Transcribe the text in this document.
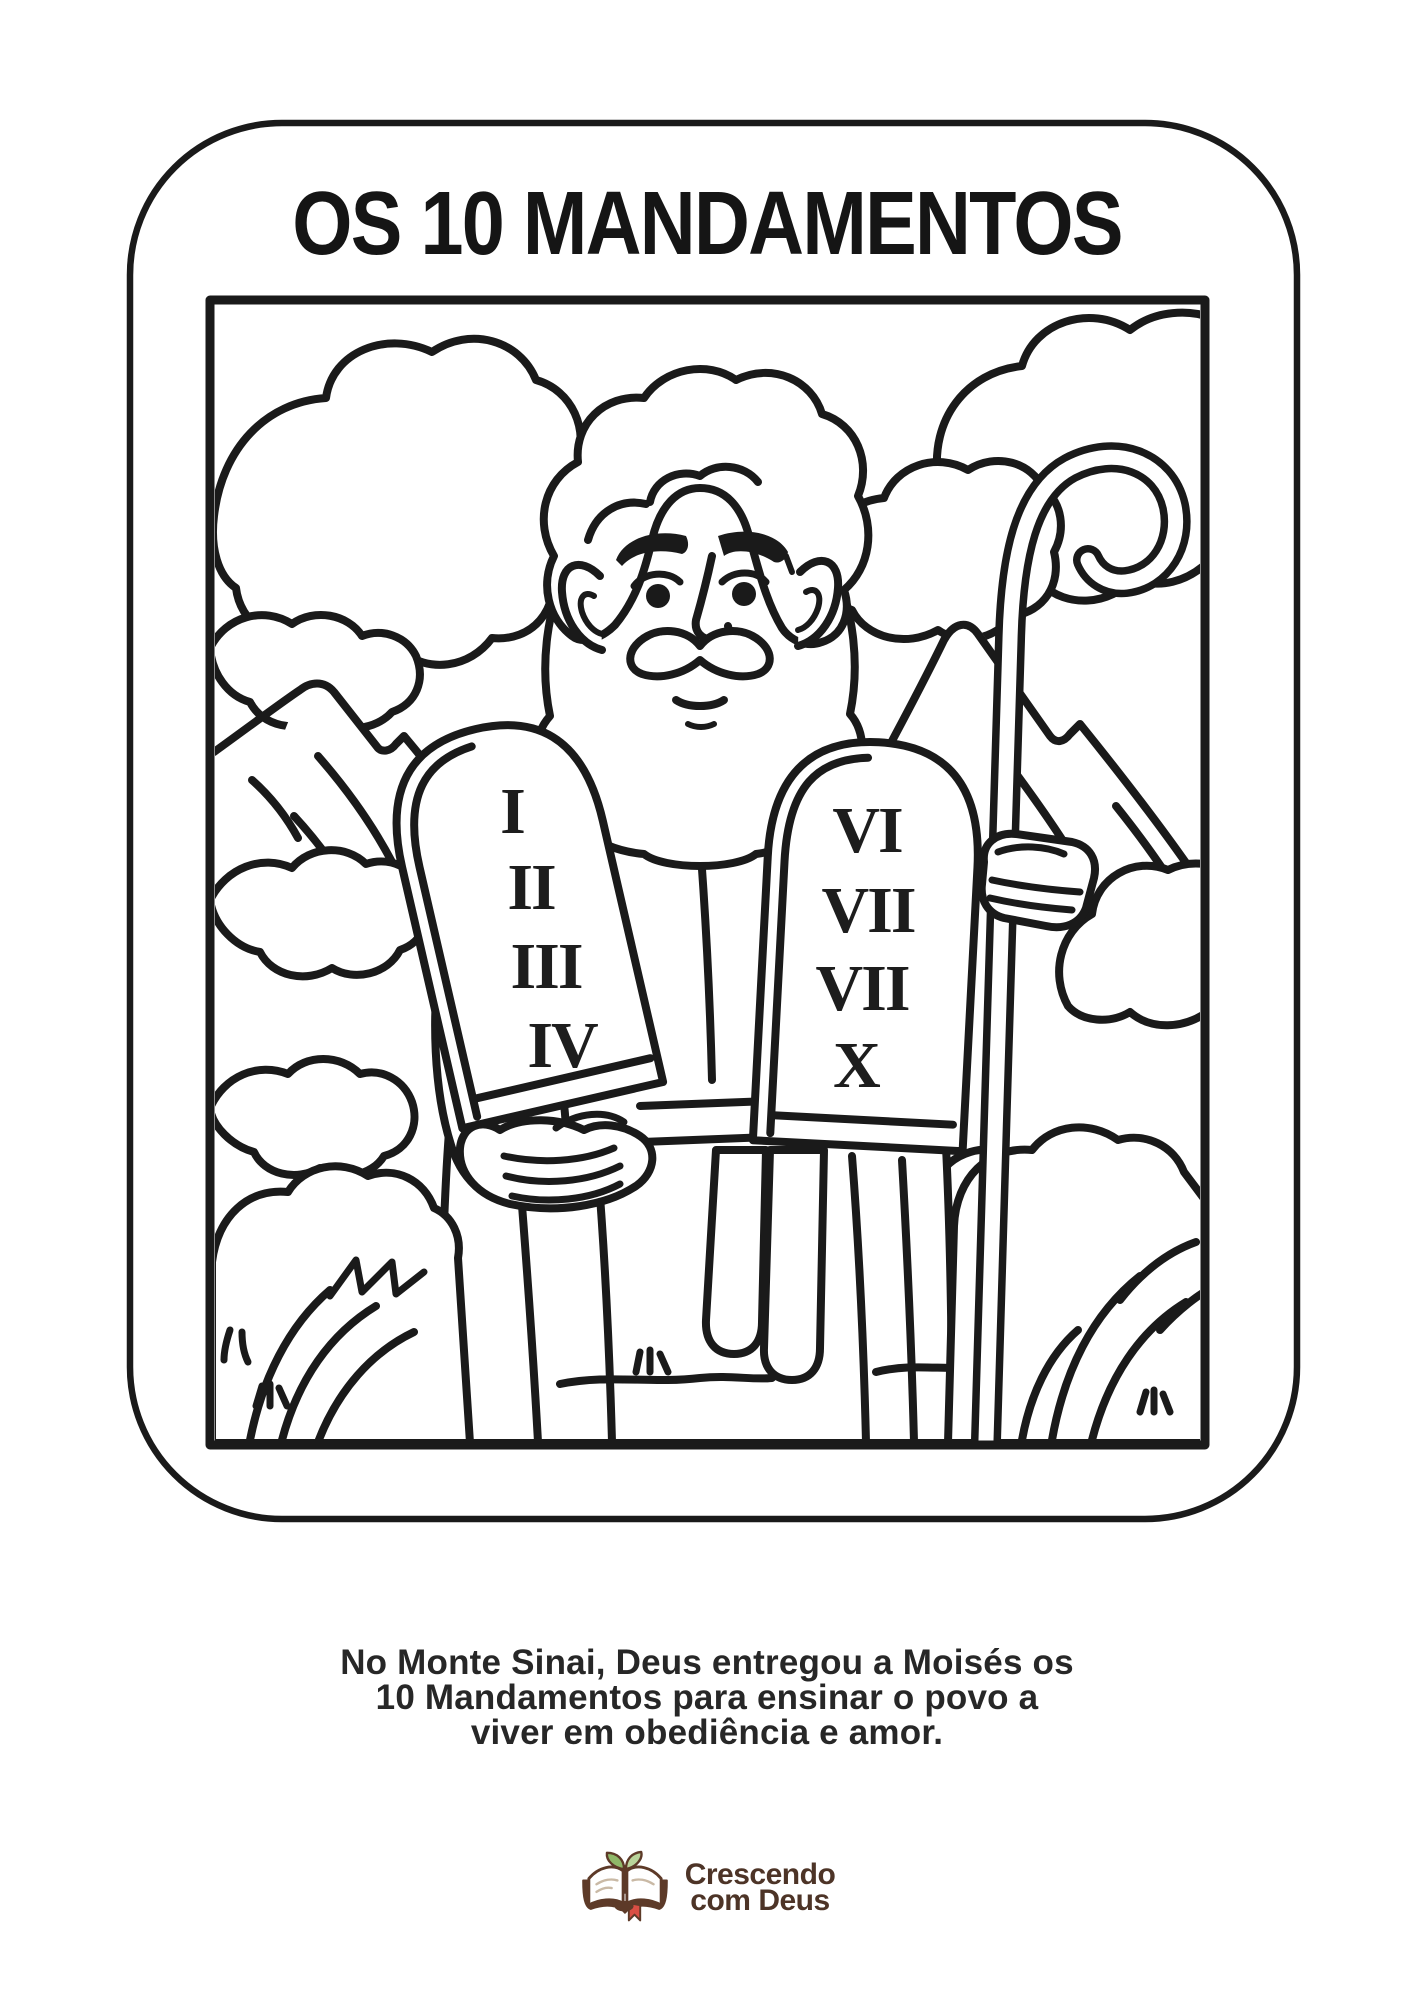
OS 10 MANDAMENTOS
I
II
III
IV
VI
VII
VII
X
No Monte Sinai, Deus entregou a Moisés os
10 Mandamentos para ensinar o povo a
viver em obediência e amor.
Crescendo
com Deus
